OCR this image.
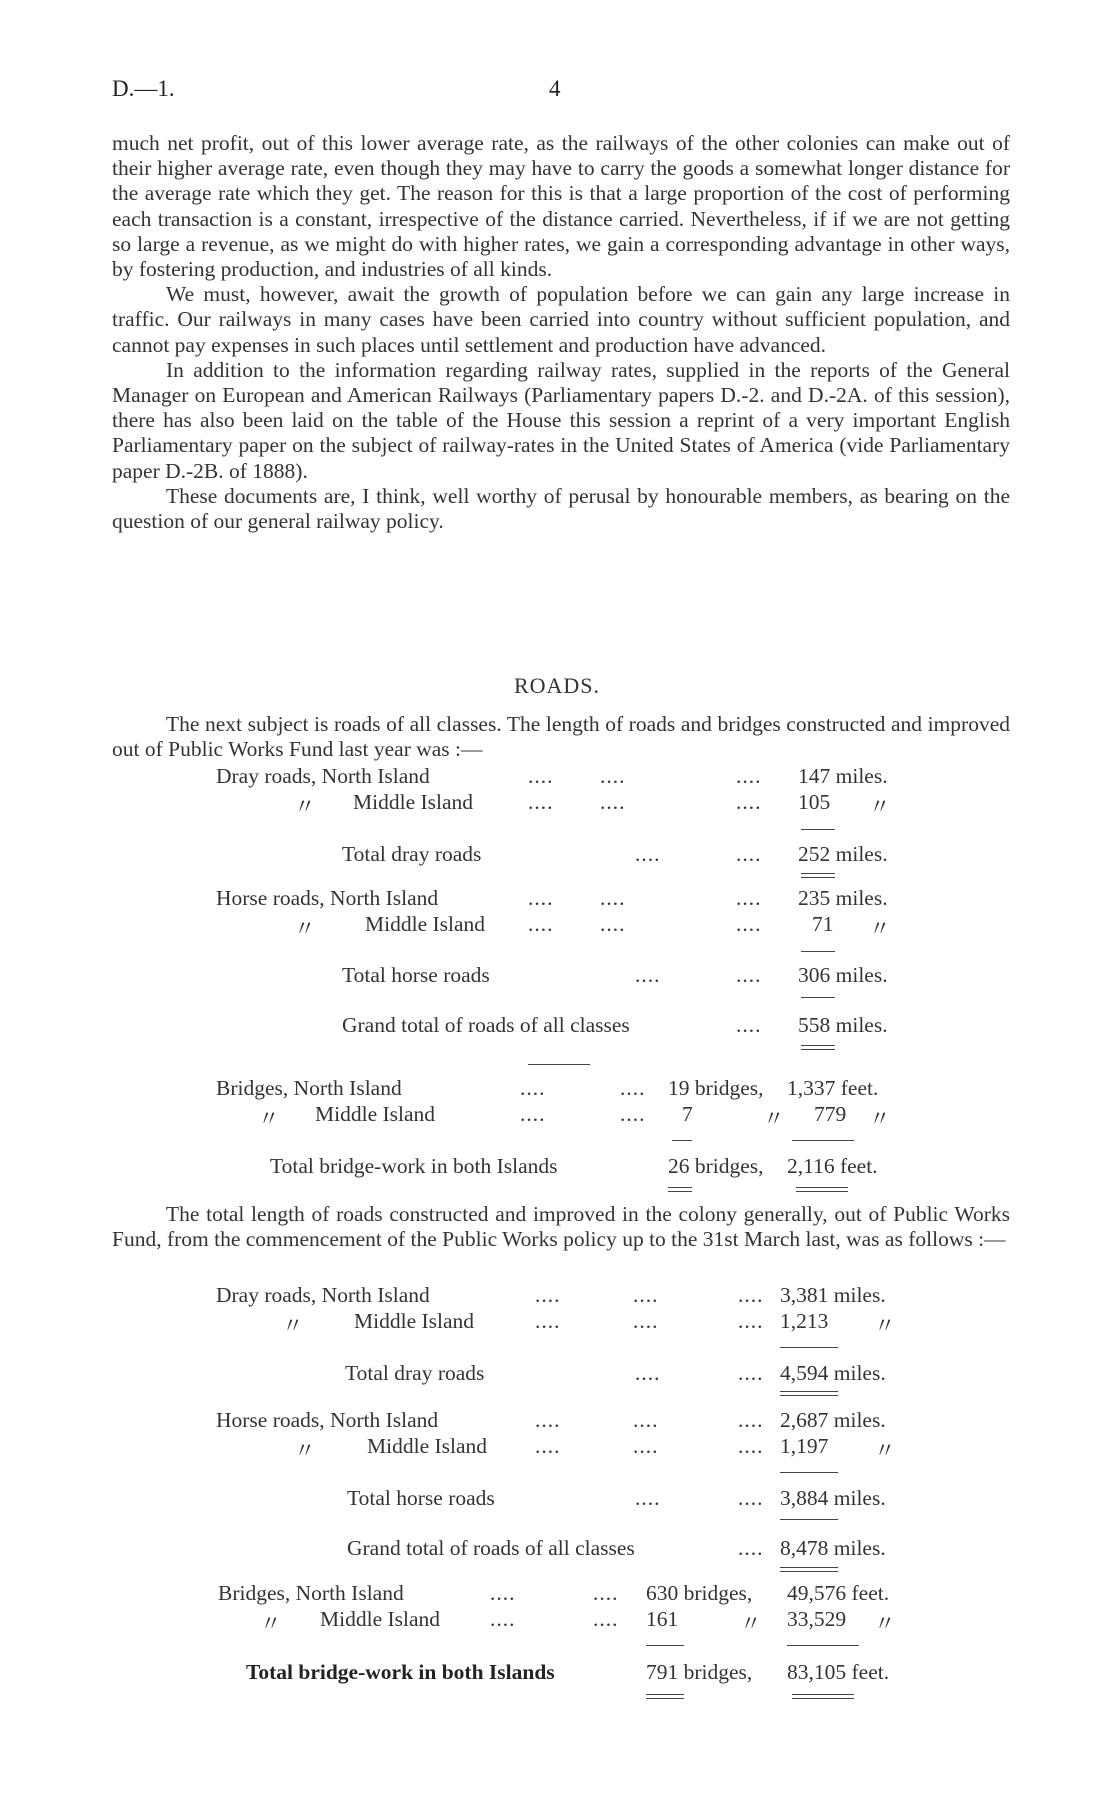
D.—1.	4

much net profit, out of this lower average rate, as the railways of the other colonies can make out of their higher average rate, even though they may have to carry the goods a somewhat longer distance for the average rate which they get. The reason for this is that a large proportion of the cost of performing each transaction is a constant, irrespective of the distance carried. Nevertheless, if if we are not getting so large a revenue, as we might do with higher rates, we gain a corresponding advantage in other ways, by fostering production, and industries of all kinds.

We must, however, await the growth of population before we can gain any large increase in traffic. Our railways in many cases have been carried into country without sufficient population, and cannot pay expenses in such places until settlement and production have advanced.

In addition to the information regarding railway rates, supplied in the reports of the General Manager on European and American Railways (Parliamentary papers D.-2. and D.-2A. of this session), there has also been laid on the table of the House this session a reprint of a very important English Parliamentary paper on the subject of railway-rates in the United States of America (vide Parliamentary paper D.-2B. of 1888).

These documents are, I think, well worthy of perusal by honourable members, as bearing on the question of our general railway policy.

ROADS.

The next subject is roads of all classes. The length of roads and bridges constructed and improved out of Public Works Fund last year was :—

Dray roads, North Island	.... ....	.... 147 miles.
〃 Middle Island	.... ....	.... 105 〃
Total dray roads	....	.... 252 miles.
Horse roads, North Island	.... ....	.... 235 miles.
〃 Middle Island .... ....	.... 71 〃
Total horse roads	....	.... 306 miles.
Grand total of roads of all classes	.... 558 miles.
Bridges, North Island	....	.... 19 bridges, 1,337 feet.
〃 Middle Island	....	.... 7	〃 779 〃
Total bridge-work in both Islands	26 bridges, 2,116 feet.

The total length of roads constructed and improved in the colony generally, out of Public Works Fund, from the commencement of the Public Works policy up to the 31st March last, was as follows :—

Dray roads, North Island	....	....	.... 3,381 miles.
〃 Middle Island	....	....	.... 1,213 〃
Total dray roads	....	.... 4,594 miles.
Horse roads, North Island	....	....	.... 2,687 miles.
〃 Middle Island ....	....	.... 1,197 〃
Total horse roads	....	.... 3,884 miles.
Grand total of roads of all classes	.... 8,478 miles.
Bridges, North Island	....	.... 630 bridges, 49,576 feet.
〃 Middle Island ....	.... 161	〃 33,529 〃
Total bridge-work in both Islands	791 bridges, 83,105 feet.
